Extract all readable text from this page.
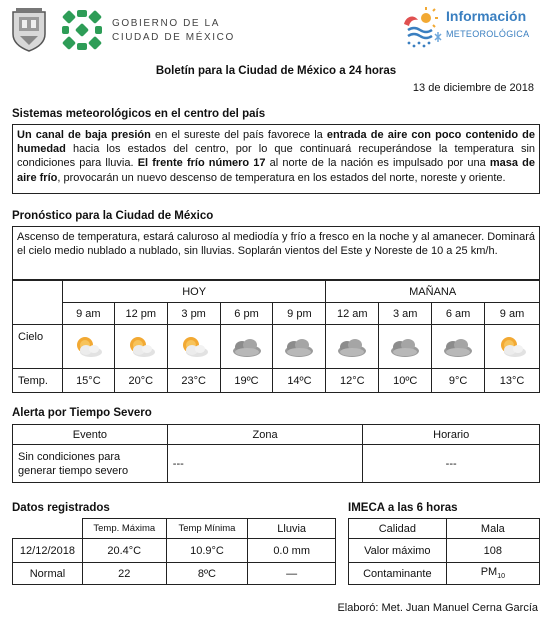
GOBIERNO DE LA
CIUDAD DE MÉXICO
Información
METEOROLÓGICA
Boletín para la Ciudad de México a 24 horas
13 de diciembre de 2018
Sistemas meteorológicos en el centro del país
Un canal de baja presión en el sureste del país favorece la entrada de aire con poco contenido de humedad hacia los estados del centro, por lo que continuará recuperándose la temperatura sin condiciones para lluvia. El frente frío número 17 al norte de la nación es impulsado por una masa de aire frío, provocarán un nuevo descenso de temperatura en los estados del norte, noreste y oriente.
Pronóstico para la Ciudad de México
Ascenso de temperatura, estará caluroso al mediodía y frío a fresco en la noche y al amanecer. Dominará el cielo medio nublado a nublado, sin lluvias. Soplarán vientos del Este y Noreste de 10 a 25 km/h.
	HOY					MAÑANA			
	9 am	12 pm	3 pm	6 pm	9 pm	12 am	3 am	6 am	9 am
Cielo									
Temp.	15°C	20°C	23°C	19ºC	14ºC	12°C	10ºC	9°C	13°C
Alerta por Tiempo Severo
Evento	Zona	Horario

Sin condiciones para
generar tiempo severo	---	---
Datos registrados
	Temp. Máxima	Temp Mínima	Lluvia
12/12/2018	20.4°C	10.9°C	0.0 mm
Normal	22	8ºC	—
IMECA a las 6 horas
Calidad	Mala
Valor máximo	108
Contaminante	$PM_{10}$
Elaboró: Met. Juan Manuel Cerna García
